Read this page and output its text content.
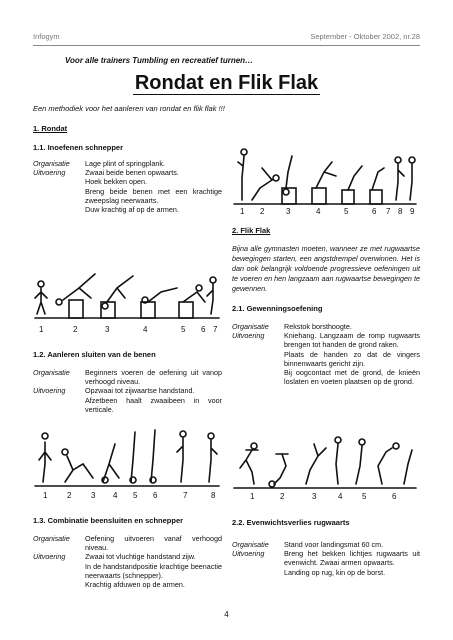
Infogym	September - Oktober 2002, nr.28
Voor alle trainers Tumbling en recreatief turnen…
Rondat en Flik Flak
Een methodiek voor het aanleren van rondat en flik flak !!!
1. Rondat
1.1. Inoefenen schnepper
Organisatie	Lage plint of springplank.
Uitvoering	Zwaai beide benen opwaarts.
Hoek bekken open.
Breng beide benen met een krachtige zweepslag neerwaarts.
Duw krachtig af op de armen.
1	2	3	4	5 6 7
1.2. Aanleren sluiten van de benen
Organisatie	Beginners voeren de oefening uit vanop verhoogd niveau.
Uitvoering	Opzwaai tot zijwaartse handstand.
Afzetbeen haalt zwaaibeen in voor verticale.
1 2 3 4 5 6	7	8
1.3. Combinatie beensluiten en schnepper
Organisatie	Oefening uitvoeren vanaf verhoogd niveau.
Uitvoering	Zwaai tot vluchtige handstand zijw.
In de handstandpositie krachtige beenactie neerwaarts (schnepper).
Krachtig afduwen op de armen.
1 2	3	4	5	6 7 8 9
2. Flik Flak
Bijna alle gymnasten moeten, wanneer ze met rugwaartse bewegingen starten, een angstdrempel overwinnen. Het is dan ook belangrijk voldoende progressieve oefeningen uit te voeren en hen langzaam aan rugwaartse bewegingen te gewennen.
2.1. Gewenningsoefening
Organisatie	Rekstok borsthoogte.
Uitvoering	Kniehang. Langzaam de romp rugwaarts brengen tot handen de grond raken.
Plaats de handen zo dat de vingers binnenwaarts gericht zijn.
Bij oogcontact met de grond, de knieën loslaten en voeten plaatsen op de grond.
1	2	3	4 5	6
2.2. Evenwichtsverlies rugwaarts
Organisatie	Stand voor landingsmat 60 cm.
Uitvoering	Breng het bekken lichtjes rugwaarts uit evenwicht. Zwaai armen opwaarts.
Landing op rug, kin op de borst.
4
